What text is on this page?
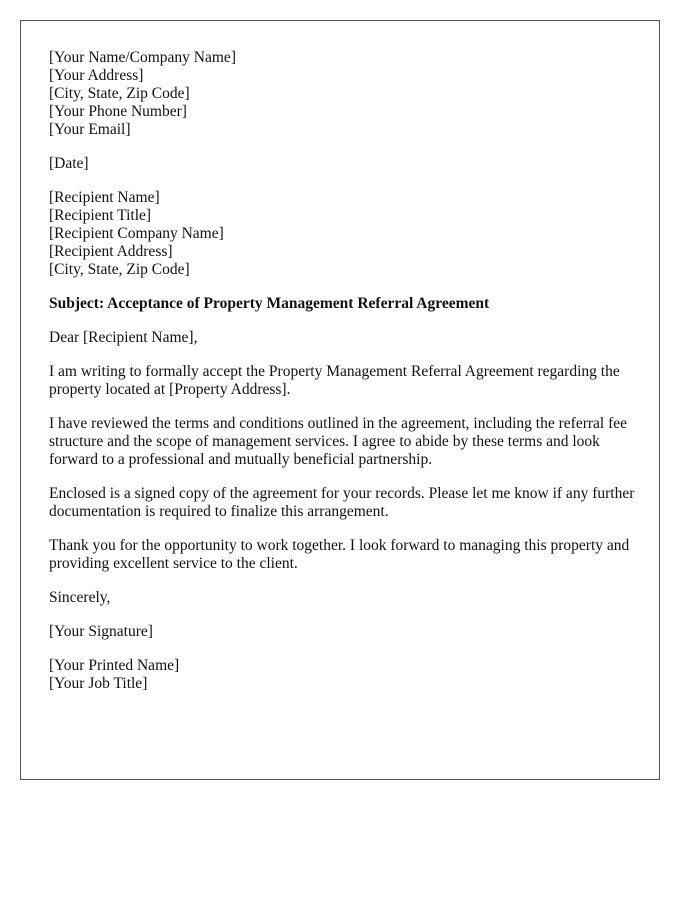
[Your Name/Company Name]
[Your Address]
[City, State, Zip Code]
[Your Phone Number]
[Your Email]
[Date]
[Recipient Name]
[Recipient Title]
[Recipient Company Name]
[Recipient Address]
[City, State, Zip Code]

Subject: Acceptance of Property Management Referral Agreement

Dear [Recipient Name],

I am writing to formally accept the Property Management Referral Agreement regarding the property located at [Property Address].

I have reviewed the terms and conditions outlined in the agreement, including the referral fee structure and the scope of management services. I agree to abide by these terms and look forward to a professional and mutually beneficial partnership.

Enclosed is a signed copy of the agreement for your records. Please let me know if any further documentation is required to finalize this arrangement.

Thank you for the opportunity to work together. I look forward to managing this property and providing excellent service to the client.

Sincerely,

[Your Signature]

[Your Printed Name]
[Your Job Title]
